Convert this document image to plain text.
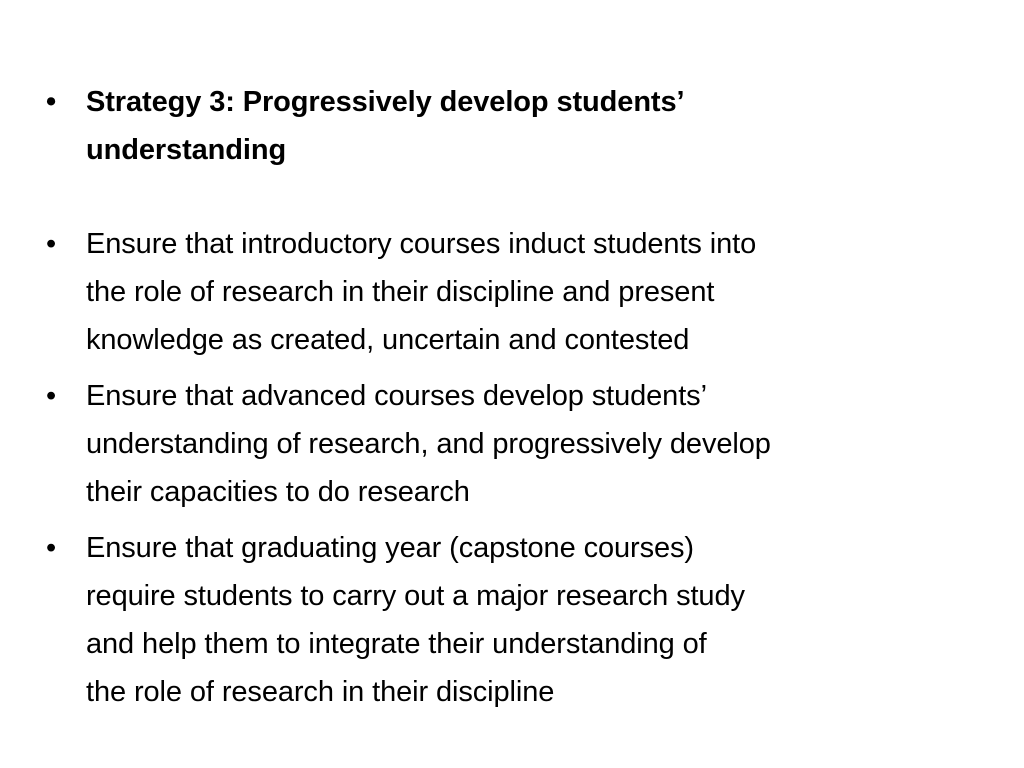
•	Strategy 3: Progressively develop students’
understanding
•	Ensure that introductory courses induct students into
the role of research in their discipline and present
knowledge as created, uncertain and contested
•	Ensure that advanced courses develop students’
understanding of research, and progressively develop
their capacities to do research
•	Ensure that graduating year (capstone courses)
require students to carry out a major research study
and help them to integrate their understanding of
the role of research in their discipline
